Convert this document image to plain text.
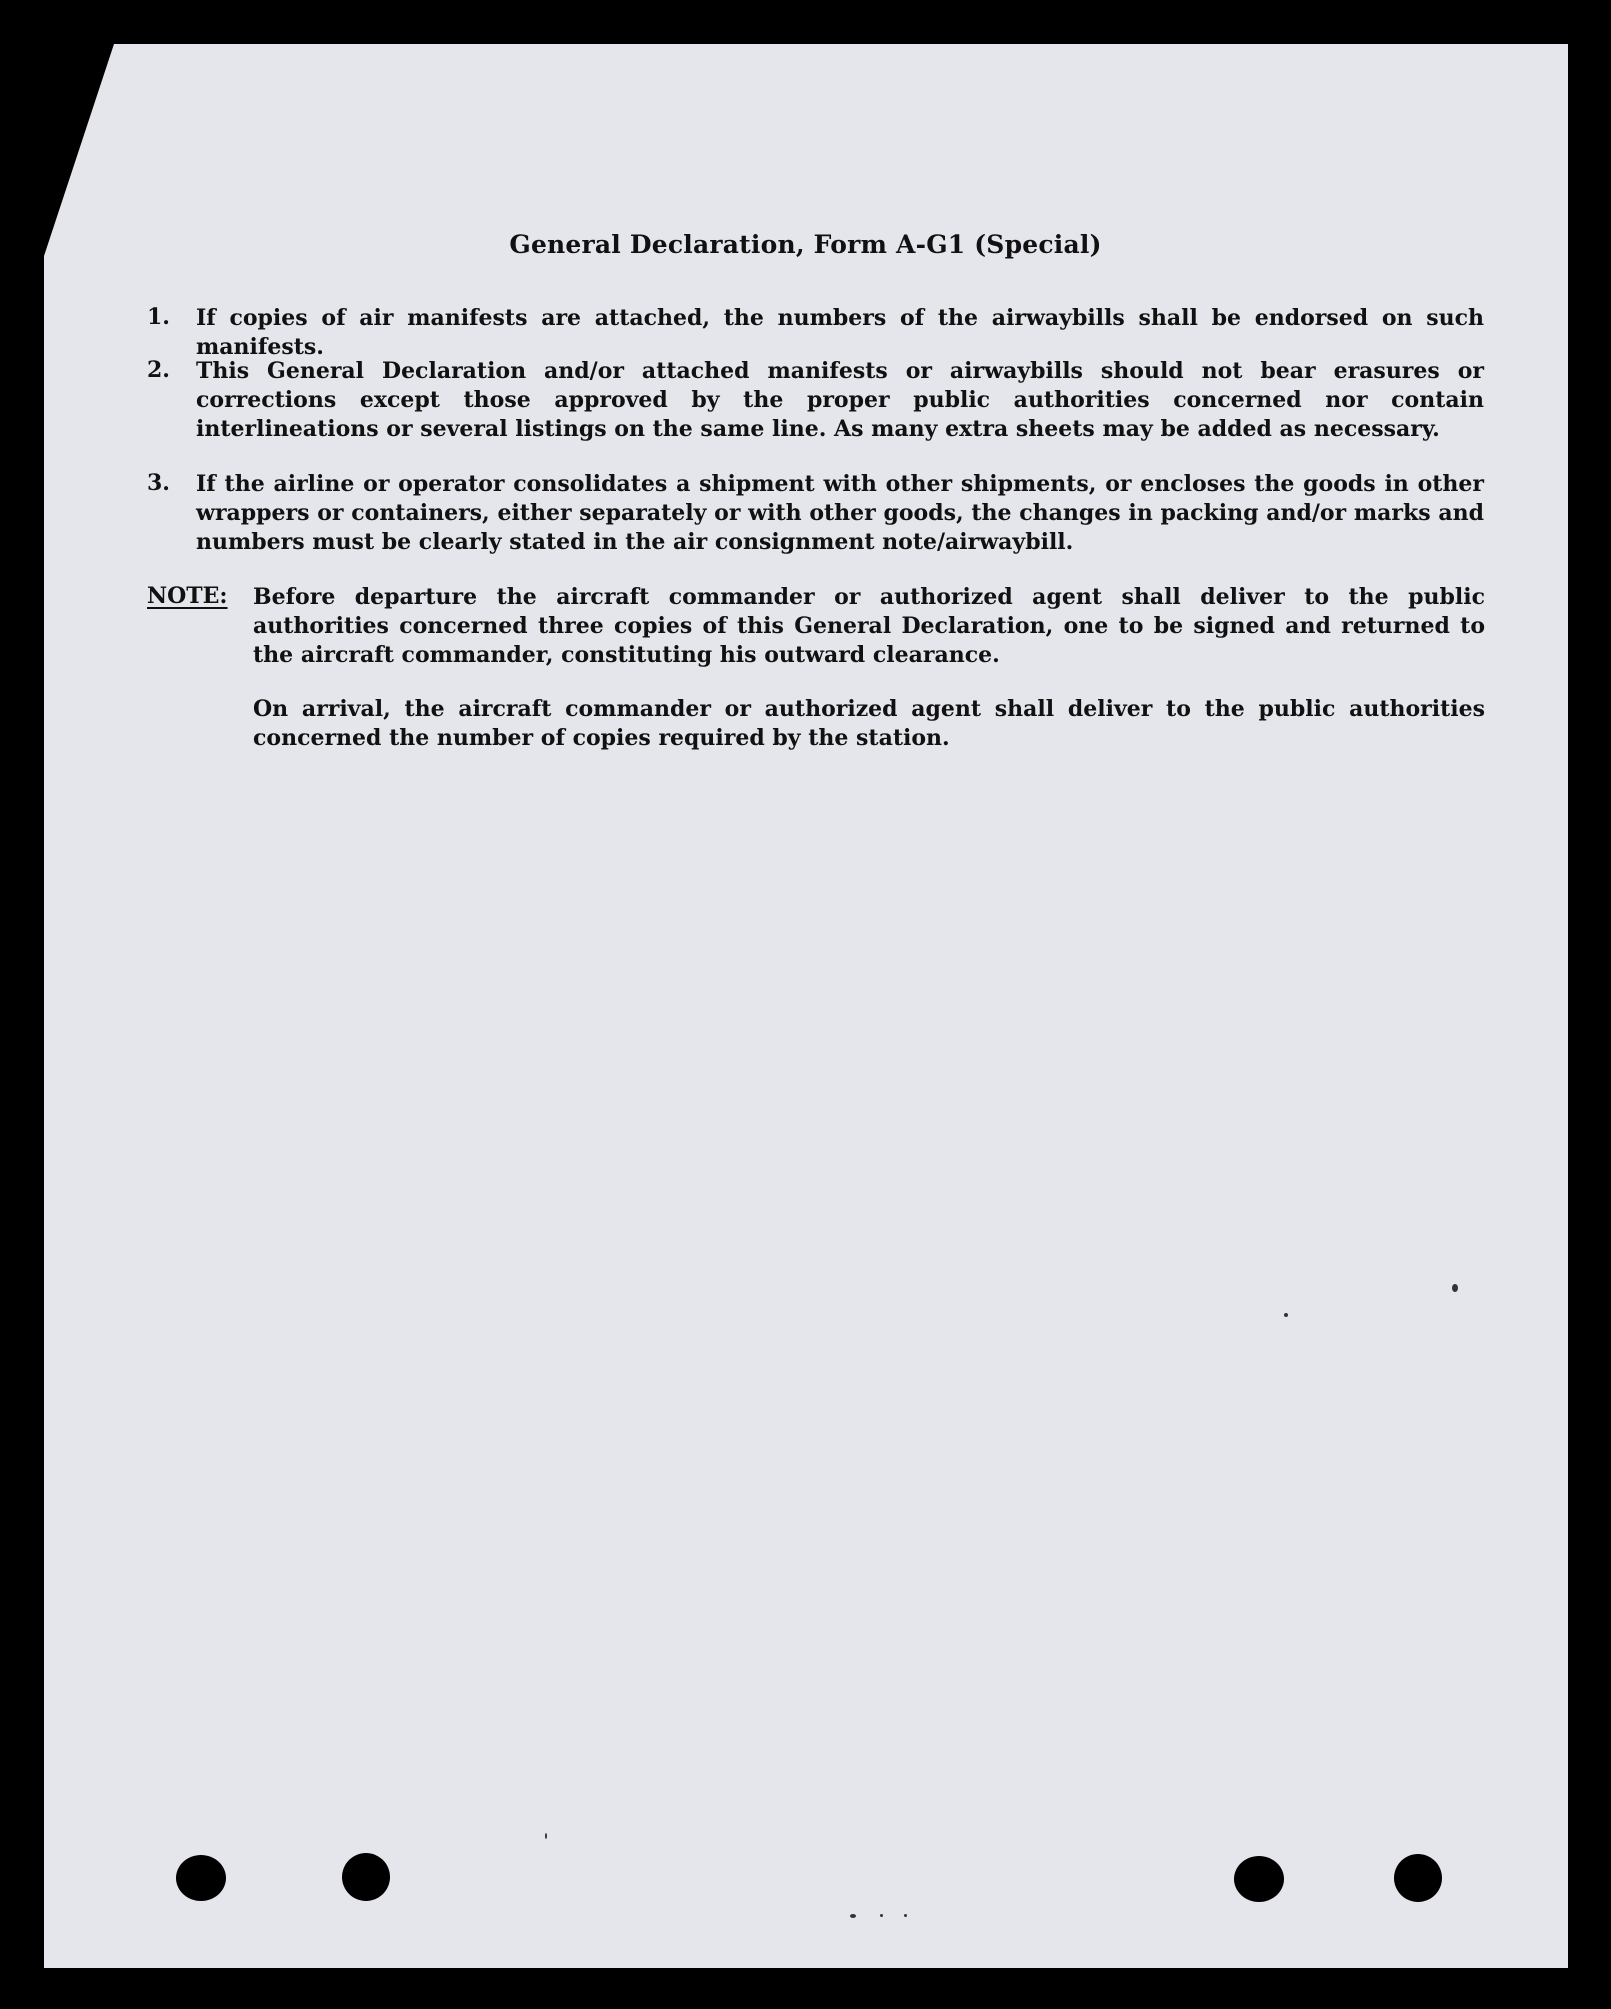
General Declaration, Form A-G1 (Special)
1. If copies of air manifests are attached, the numbers of the airwaybills shall be endorsed on such manifests.

2. This General Declaration and/or attached manifests or airwaybills should not bear erasures or corrections except those approved by the proper public authorities concerned nor contain interlineations or several listings on the same line. As many extra sheets may be added as necessary.

3. If the airline or operator consolidates a shipment with other shipments, or encloses the goods in other wrappers or containers, either separately or with other goods, the changes in packing and/or marks and numbers must be clearly stated in the air consignment note/airwaybill.

NOTE: Before departure the aircraft commander or authorized agent shall deliver to the public authorities concerned three copies of this General Declaration, one to be signed and returned to the aircraft commander, constituting his outward clearance.

On arrival, the aircraft commander or authorized agent shall deliver to the public authorities concerned the number of copies required by the station.
